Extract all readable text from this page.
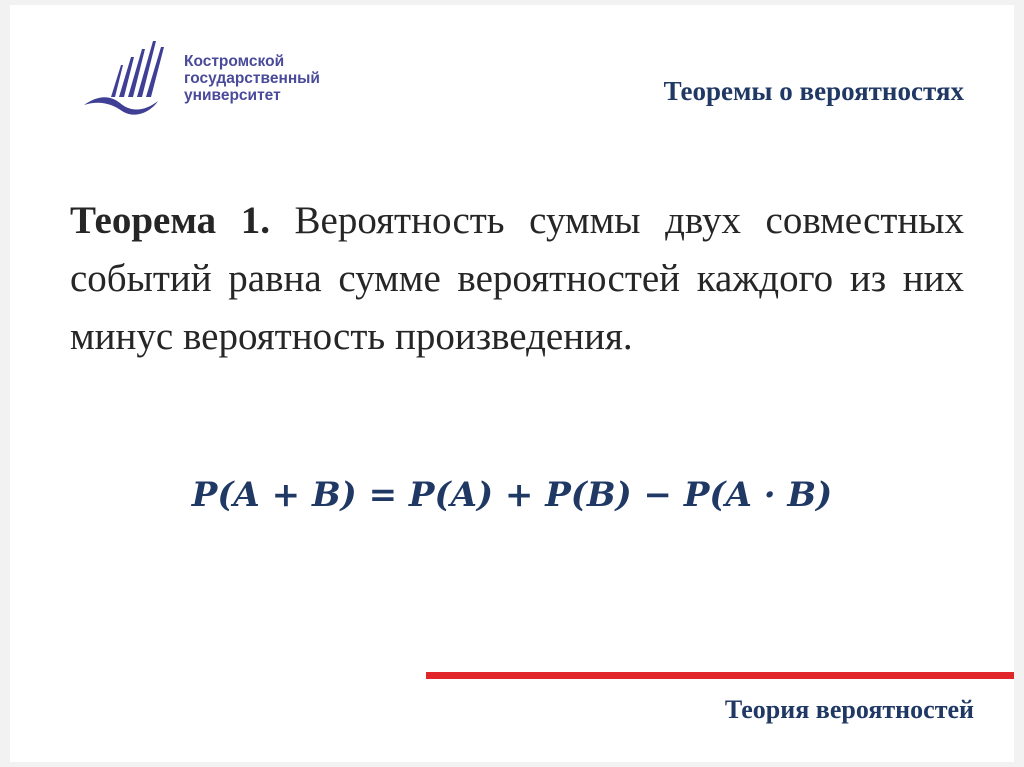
Костромской
государственный
университет	Теоремы о вероятностях
Теорема 1. Вероятность суммы двух совместных событий равна сумме вероятностей каждого из них минус вероятность произведения.
P(A + B) = P(A) + P(B) − P(A · B)
Теория вероятностей
